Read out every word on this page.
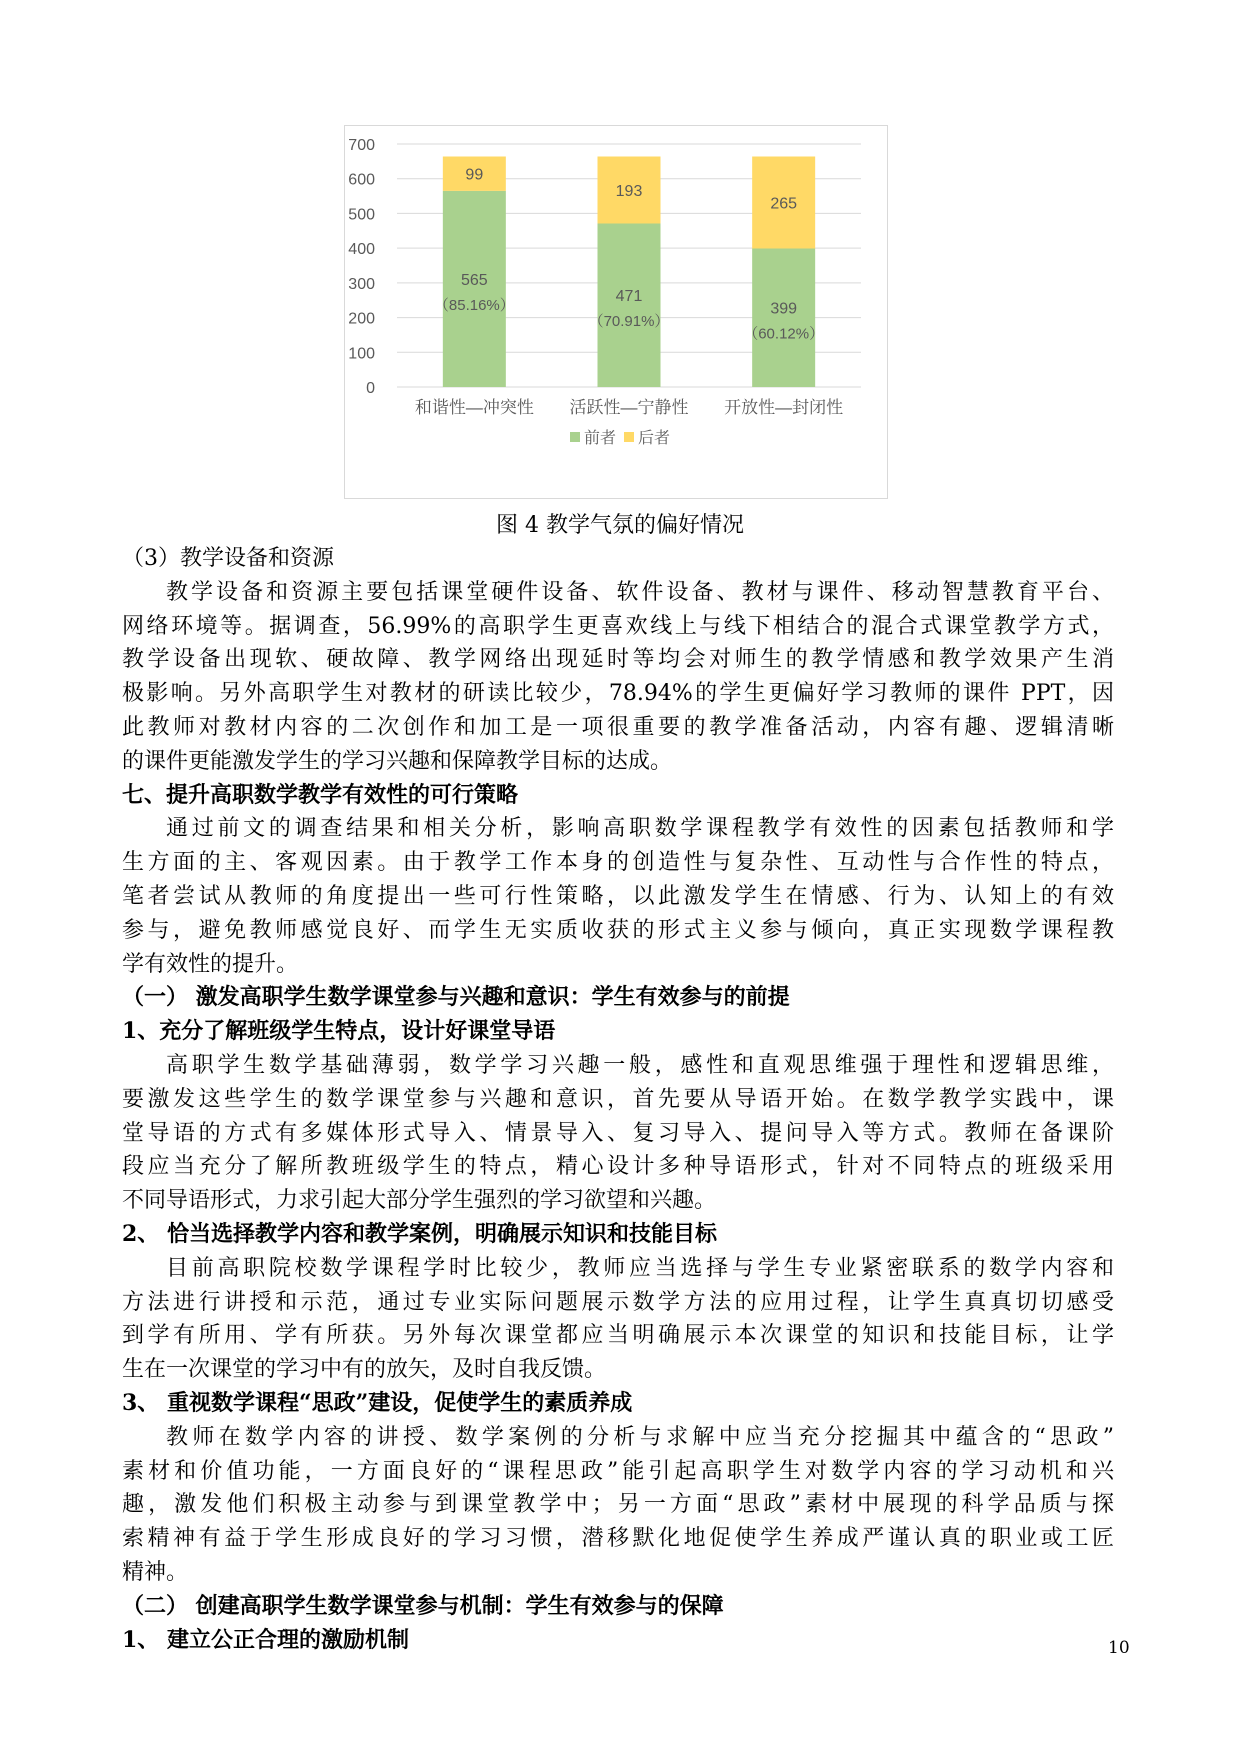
0
100
200
300
400
500
600
700
565
（85.16%）
99
和谐性—冲突性
471
（70.91%）
193
活跃性—宁静性
399
（60.12%）
265
开放性—封闭性
前者 后者
图 4 教学气氛的偏好情况
（3）教学设备和资源
教学设备和资源主要包括课堂硬件设备、软件设备、教材与课件、移动智慧教育平台、
网络环境等。据调查，56.99%的高职学生更喜欢线上与线下相结合的混合式课堂教学方式，
教学设备出现软、硬故障、教学网络出现延时等均会对师生的教学情感和教学效果产生消
极影响。另外高职学生对教材的研读比较少，78.94%的学生更偏好学习教师的课件 PPT，因
此教师对教材内容的二次创作和加工是一项很重要的教学准备活动，内容有趣、逻辑清晰
的课件更能激发学生的学习兴趣和保障教学目标的达成。
七、提升高职数学教学有效性的可行策略
通过前文的调查结果和相关分析，影响高职数学课程教学有效性的因素包括教师和学
生方面的主、客观因素。由于教学工作本身的创造性与复杂性、互动性与合作性的特点，
笔者尝试从教师的角度提出一些可行性策略，以此激发学生在情感、行为、认知上的有效
参与，避免教师感觉良好、而学生无实质收获的形式主义参与倾向，真正实现数学课程教
学有效性的提升。
（一） 激发高职学生数学课堂参与兴趣和意识：学生有效参与的前提
1、充分了解班级学生特点，设计好课堂导语
高职学生数学基础薄弱，数学学习兴趣一般，感性和直观思维强于理性和逻辑思维，
要激发这些学生的数学课堂参与兴趣和意识，首先要从导语开始。在数学教学实践中，课
堂导语的方式有多媒体形式导入、情景导入、复习导入、提问导入等方式。教师在备课阶
段应当充分了解所教班级学生的特点，精心设计多种导语形式，针对不同特点的班级采用
不同导语形式，力求引起大部分学生强烈的学习欲望和兴趣。
2、 恰当选择教学内容和教学案例，明确展示知识和技能目标
目前高职院校数学课程学时比较少，教师应当选择与学生专业紧密联系的数学内容和
方法进行讲授和示范，通过专业实际问题展示数学方法的应用过程，让学生真真切切感受
到学有所用、学有所获。另外每次课堂都应当明确展示本次课堂的知识和技能目标，让学
生在一次课堂的学习中有的放矢，及时自我反馈。
3、 重视数学课程“思政”建设，促使学生的素质养成
教师在数学内容的讲授、数学案例的分析与求解中应当充分挖掘其中蕴含的“思政”
素材和价值功能，一方面良好的“课程思政”能引起高职学生对数学内容的学习动机和兴
趣，激发他们积极主动参与到课堂教学中；另一方面“思政”素材中展现的科学品质与探
索精神有益于学生形成良好的学习习惯，潜移默化地促使学生养成严谨认真的职业或工匠
精神。
（二） 创建高职学生数学课堂参与机制：学生有效参与的保障
1、 建立公正合理的激励机制	10
